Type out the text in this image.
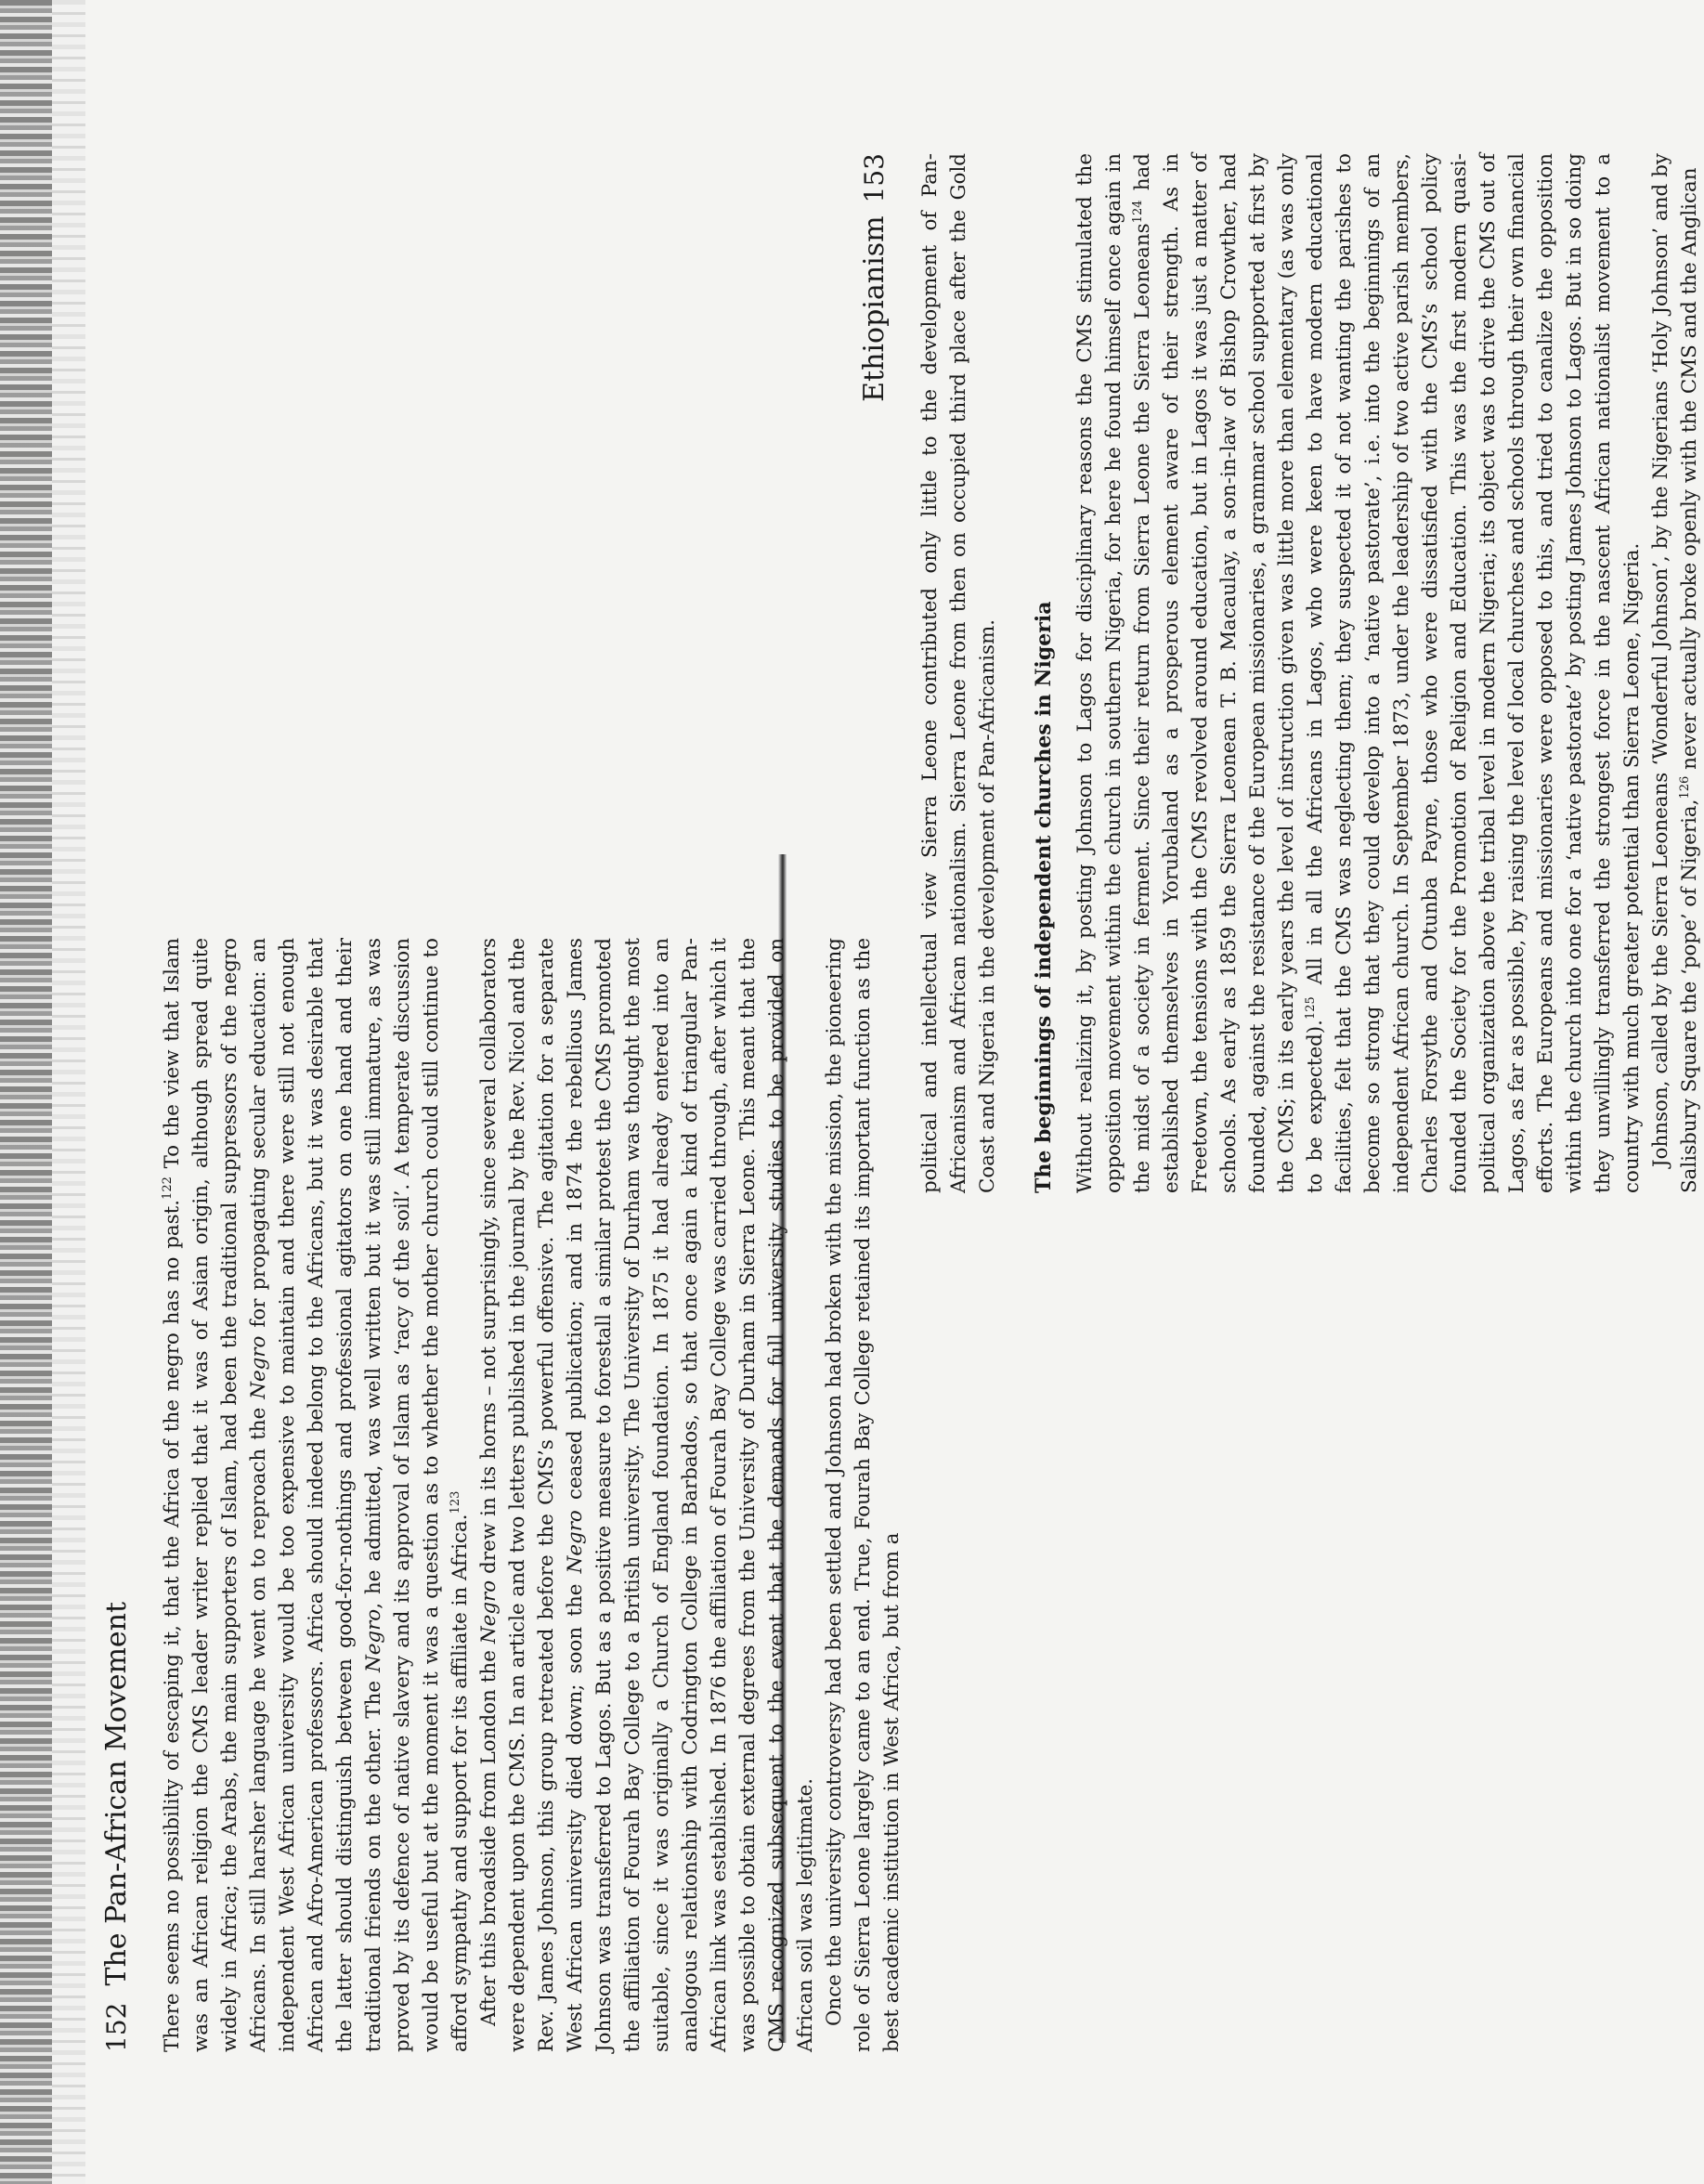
152
The Pan-African Movement There seems no possibility of escaping it, that the Africa of the negro has no past.$^{122}$ To the view that Islam was an African religion the CMS leader writer replied that it was of Asian origin, although spread quite widely in Africa; the Arabs, the main supporters of Islam, had been the traditional suppressors of the negro Africans. In still harsher language he went on to reproach the Negro for propagating secular education: an independent West African university would be too expensive to maintain and there were still not enough African and Afro-American professors. Africa should indeed belong to the Africans, but it was desirable that the latter should distinguish between good-for-nothings and professional agitators on one hand and their traditional friends on the other. The Negro, he admitted, was well written but it was still immature, as was proved by its defence of native slavery and its approval of Islam as ‘racy of the soil’. A temperate discussion would be useful but at the moment it was a question as to whether the mother church could still continue to afford sympathy and support for its affiliate in Africa.$^{123}$

After this broadside from London the Negro drew in its horns – not surprisingly, since several collaborators were dependent upon the CMS. In an article and two letters published in the journal by the Rev. Nicol and the Rev. James Johnson, this group retreated before the CMS’s powerful offensive. The agitation for a separate West African university died down; soon the Negro ceased publication; and in 1874 the rebellious James Johnson was transferred to Lagos. But as a positive measure to forestall a similar protest the CMS promoted the affiliation of Fourah Bay College to a British university. The University of Durham was thought the most suitable, since it was originally a Church of England foundation. In 1875 it had already entered into an analogous relationship with Codrington College in Barbados, so that once again a kind of triangular Pan-African link was established. In 1876 the affiliation of Fourah Bay College was carried through, after which it was possible to obtain external degrees from the University of Durham in Sierra Leone. This meant that the CMS recognized subsequent to the event that the demands for full university studies to be provided on African soil was legitimate. Once the university controversy had been settled and Johnson had broken with the mission, the pioneering role of Sierra Leone largely came to an end. True, Fourah Bay College retained its important function as the best academic institution in West Africa, but from a

Ethiopianism
153 political and intellectual view Sierra Leone contributed only little to the development of Pan-Africanism and African nationalism. Sierra Leone from then on occupied third place after the Gold Coast and Nigeria in the development of Pan-Africanism. The beginnings of independent churches in Nigeria Without realizing it, by posting Johnson to Lagos for disciplinary reasons the CMS stimulated the opposition movement within the church in southern Nigeria, for here he found himself once again in the midst of a society in ferment. Since their return from Sierra Leone the Sierra Leoneans$^{124}$ had established themselves in Yorubaland as a prosperous element aware of their strength. As in Freetown, the tensions with the CMS revolved around education, but in Lagos it was just a matter of schools. As early as 1859 the Sierra Leonean T. B. Macaulay, a son-in-law of Bishop Crowther, had founded, against the resistance of the European missionaries, a grammar school supported at first by the CMS; in its early years the level of instruction given was little more than elementary (as was only to be expected).$^{125}$ All in all the Africans in Lagos, who were keen to have modern educational facilities, felt that the CMS was neglecting them; they suspected it of not wanting the parishes to become so strong that they could develop into a ‘native pastorate’, i.e. into the beginnings of an independent African church. In September 1873, under the leadership of two active parish members, Charles Forsythe and Otunba Payne, those who were dissatisfied with the CMS’s school policy founded the Society for the Promotion of Religion and Education. This was the first modern quasi-political organization above the tribal level in modern Nigeria; its object was to drive the CMS out of Lagos, as far as possible, by raising the level of local churches and schools through their own financial efforts. The Europeans and missionaries were opposed to this, and tried to canalize the opposition within the church into one for a ‘native pastorate’ by posting James Johnson to Lagos. But in so doing they unwillingly transferred the strongest force in the nascent African nationalist movement to a country with much greater potential than Sierra Leone, Nigeria. Johnson, called by the Sierra Leoneans ‘Wonderful Johnson’, by the Nigerians ‘Holy Johnson’ and by Salisbury Square the ‘pope’ of Nigeria,$^{126}$ never actually broke openly with the CMS and the Anglican
